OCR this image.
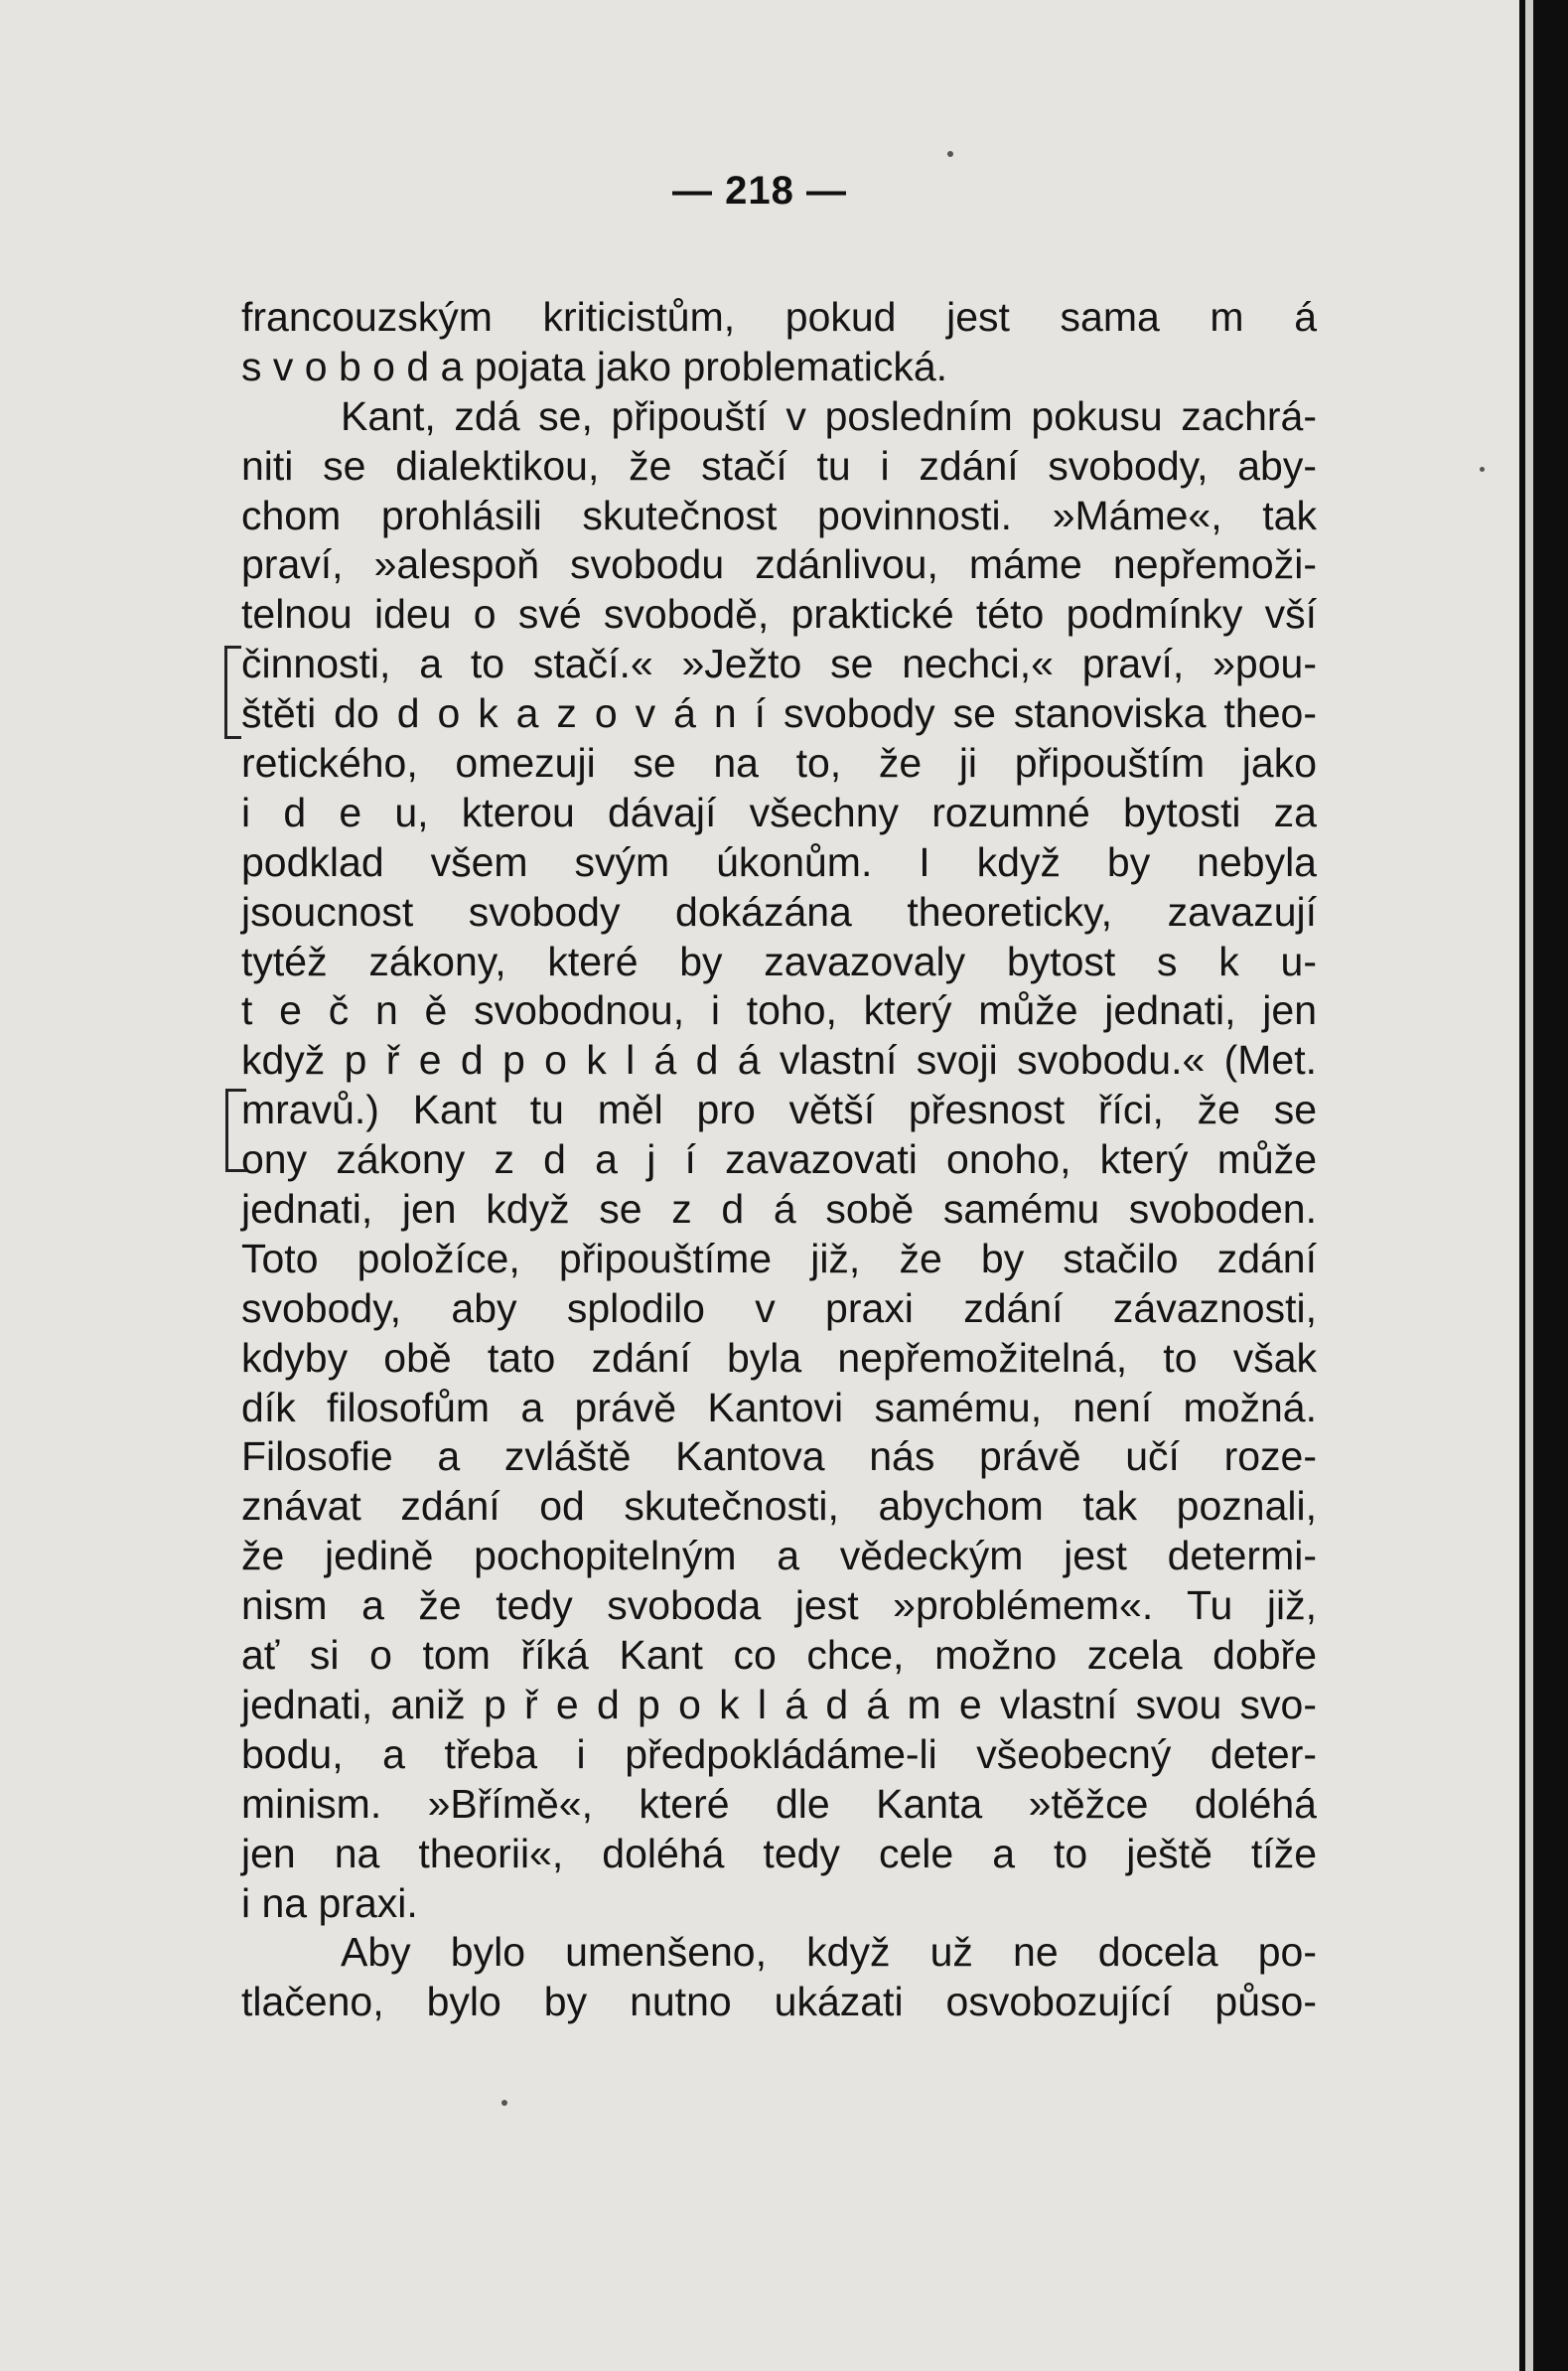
— 218 —
francouzským kriticistům, pokud jest sama m á
s v o b o d a pojata jako problematická.
Kant, zdá se, připouští v posledním pokusu zachrá-
niti se dialektikou, že stačí tu i zdání svobody, aby-
chom prohlásili skutečnost povinnosti. »Máme«, tak
praví, »alespoň svobodu zdánlivou, máme nepřemoži-
telnou ideu o své svobodě, praktické této podmínky vší
činnosti, a to stačí.« »Ježto se nechci,« praví, »pou-
štěti do d o k a z o v á n í svobody se stanoviska theo-
retického, omezuji se na to, že ji připouštím jako
i d e u, kterou dávají všechny rozumné bytosti za
podklad všem svým úkonům. I když by nebyla
jsoucnost svobody dokázána theoreticky, zavazují
tytéž zákony, které by zavazovaly bytost s k u-
t e č n ě svobodnou, i toho, který může jednati, jen
když p ř e d p o k l á d á vlastní svoji svobodu.« (Met.
mravů.) Kant tu měl pro větší přesnost říci, že se
ony zákony z d a j í zavazovati onoho, který může
jednati, jen když se z d á sobě samému svoboden.
Toto položíce, připouštíme již, že by stačilo zdání
svobody, aby splodilo v praxi zdání závaznosti,
kdyby obě tato zdání byla nepřemožitelná, to však
dík filosofům a právě Kantovi samému, není možná.
Filosofie a zvláště Kantova nás právě učí roze-
znávat zdání od skutečnosti, abychom tak poznali,
že jedině pochopitelným a vědeckým jest determi-
nism a že tedy svoboda jest »problémem«. Tu již,
ať si o tom říká Kant co chce, možno zcela dobře
jednati, aniž p ř e d p o k l á d á m e vlastní svou svo-
bodu, a třeba i předpokládáme-li všeobecný deter-
minism. »Břímě«, které dle Kanta »těžce doléhá
jen na theorii«, doléhá tedy cele a to ještě tíže
i na praxi.
Aby bylo umenšeno, když už ne docela po-
tlačeno, bylo by nutno ukázati osvobozující půso-
